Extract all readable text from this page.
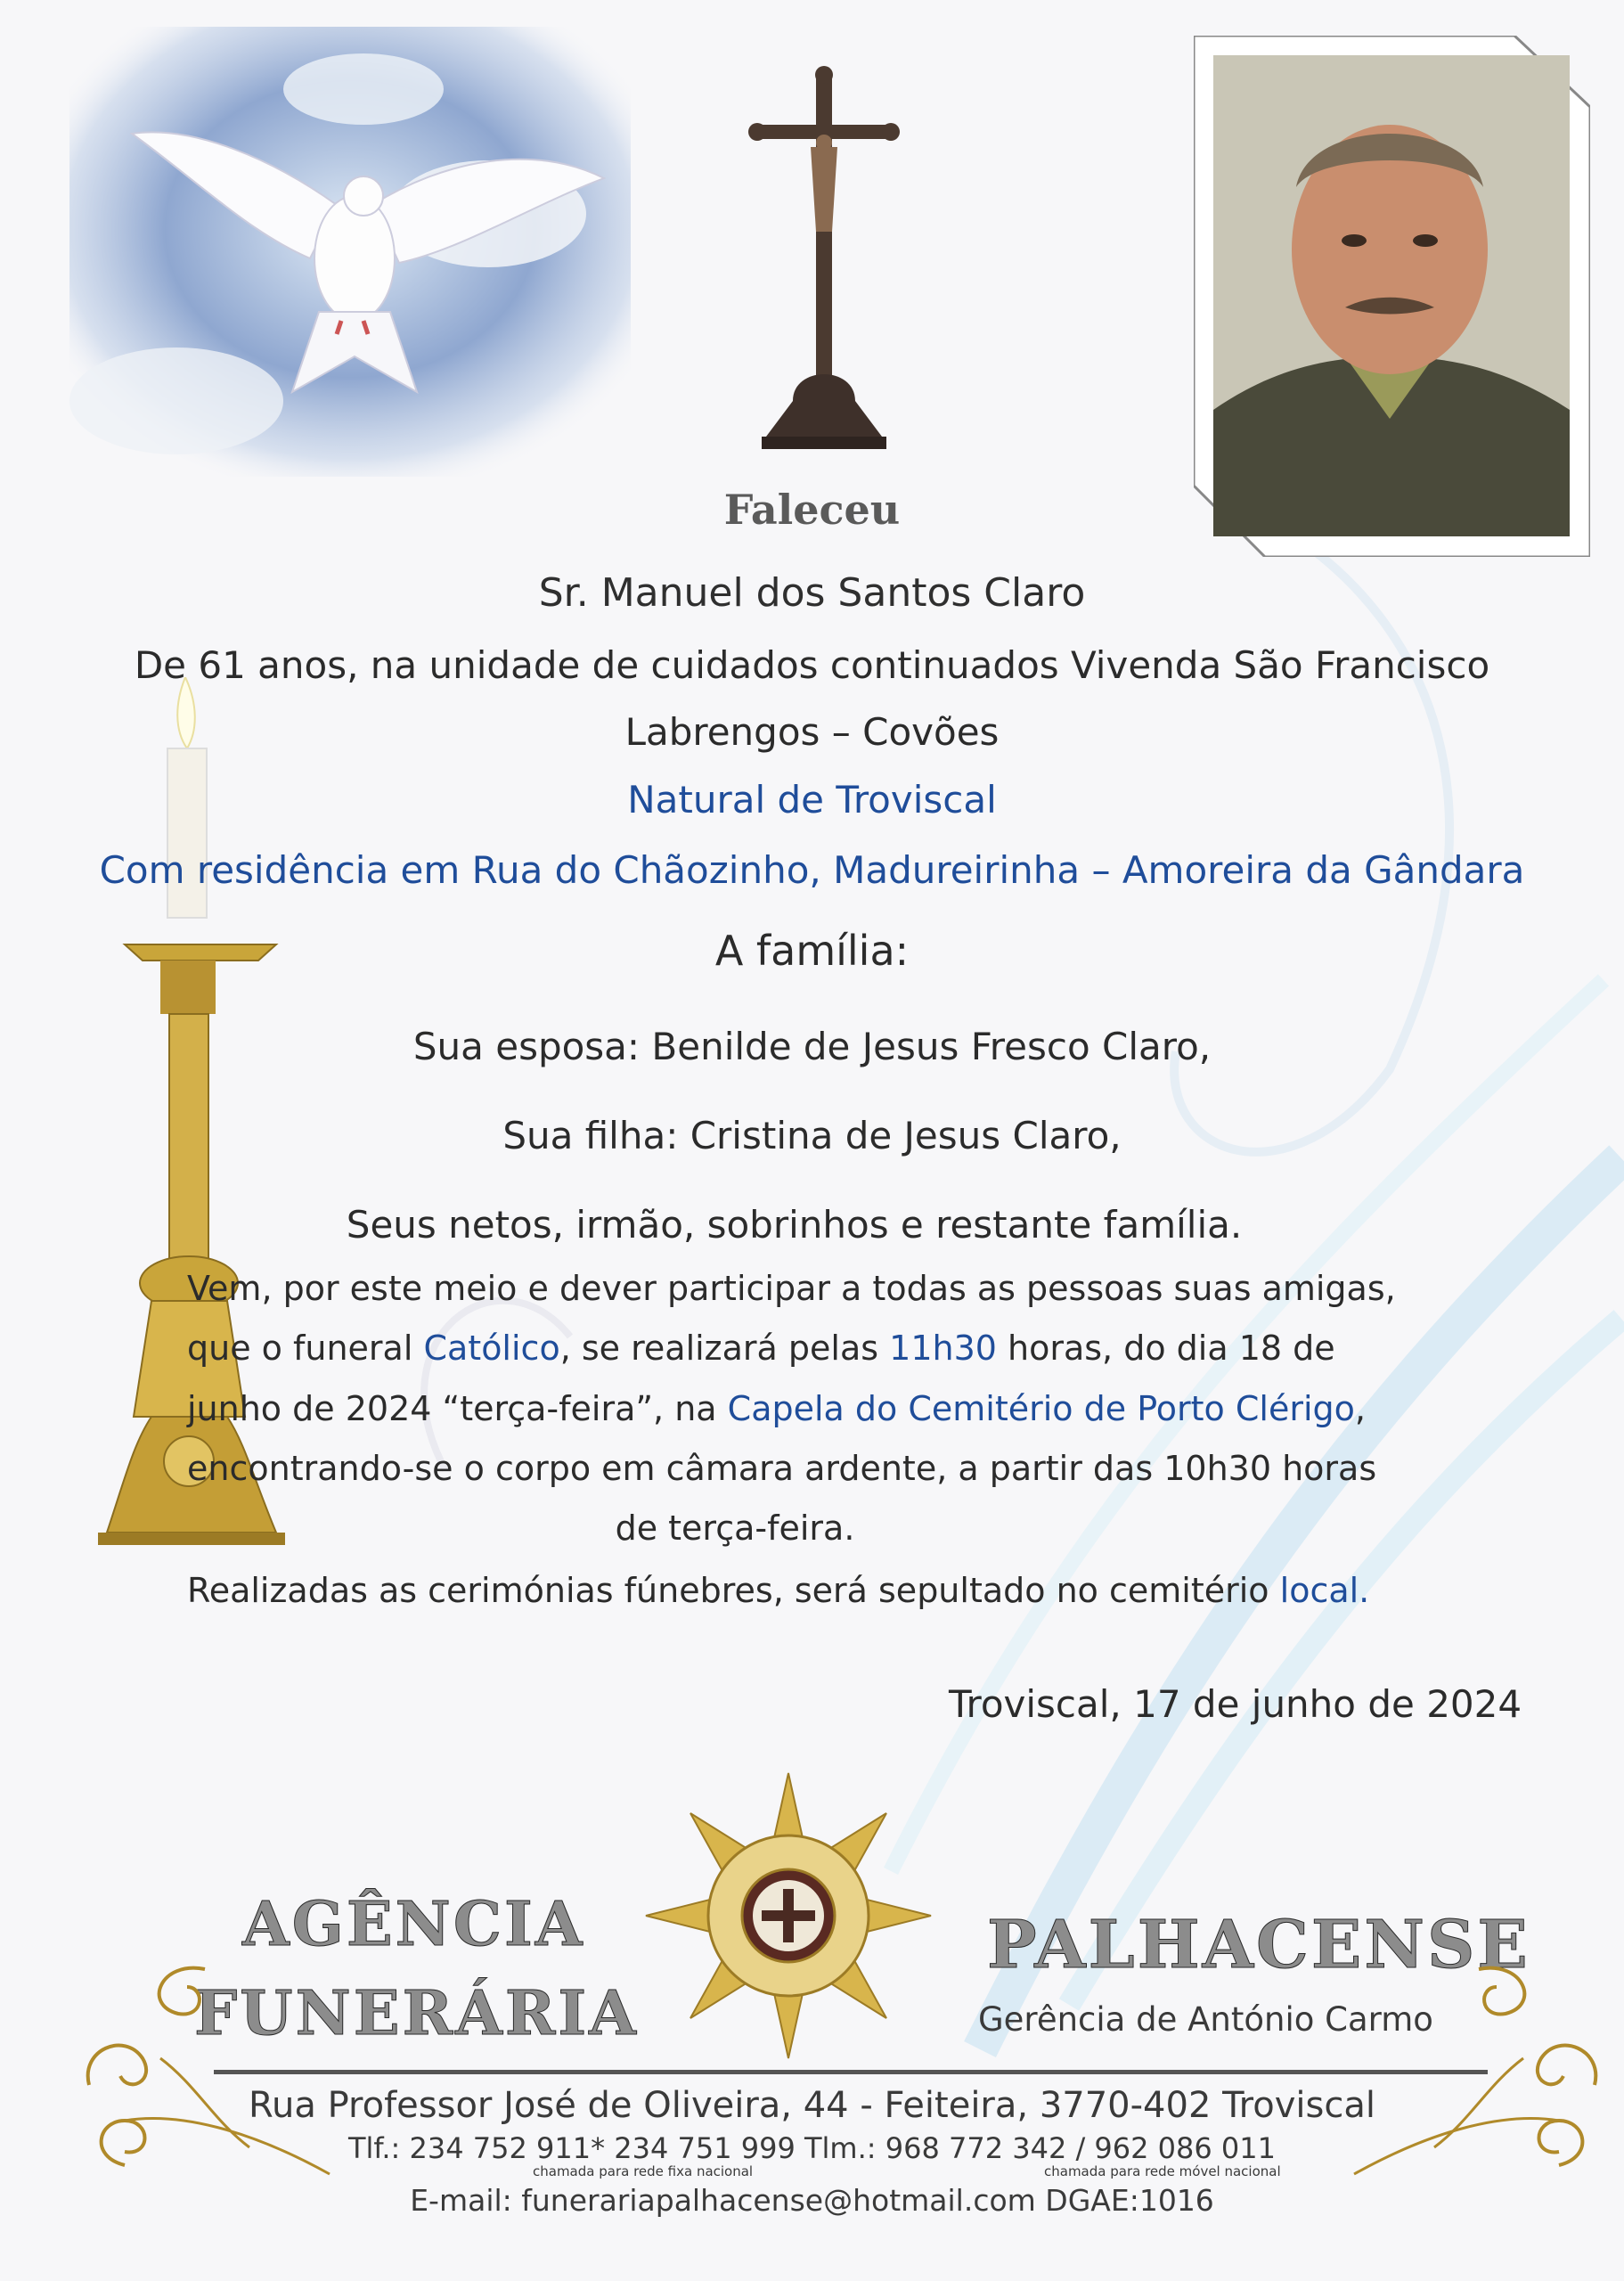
Faleceu
Sr. Manuel dos Santos Claro
De 61 anos, na unidade de cuidados continuados Vivenda São Francisco
Labrengos – Covões
Natural de Troviscal
Com residência em Rua do Chãozinho, Madureirinha – Amoreira da Gândara
A família:
Sua esposa: Benilde de Jesus Fresco Claro,
Sua filha: Cristina de Jesus Claro,
Seus netos, irmão, sobrinhos e restante família.
Vem, por este meio e dever participar a todas as pessoas suas amigas,
que o funeral Católico, se realizará pelas 11h30 horas, do dia 18 de
junho de 2024 “terça-feira”, na Capela do Cemitério de Porto Clérigo,
encontrando-se o corpo em câmara ardente, a partir das 10h30 horas
de terça-feira.
Realizadas as cerimónias fúnebres, será sepultado no cemitério local.
Troviscal, 17 de junho de 2024
AGÊNCIA
FUNERÁRIA
PALHACENSE
Gerência de António Carmo
Rua Professor José de Oliveira, 44 - Feiteira, 3770-402 Troviscal
Tlf.: 234 752 911* 234 751 999 Tlm.: 968 772 342 / 962 086 011
chamada para rede fixa nacional	chamada para rede móvel nacional
E-mail: funerariapalhacense@hotmail.com DGAE:1016
